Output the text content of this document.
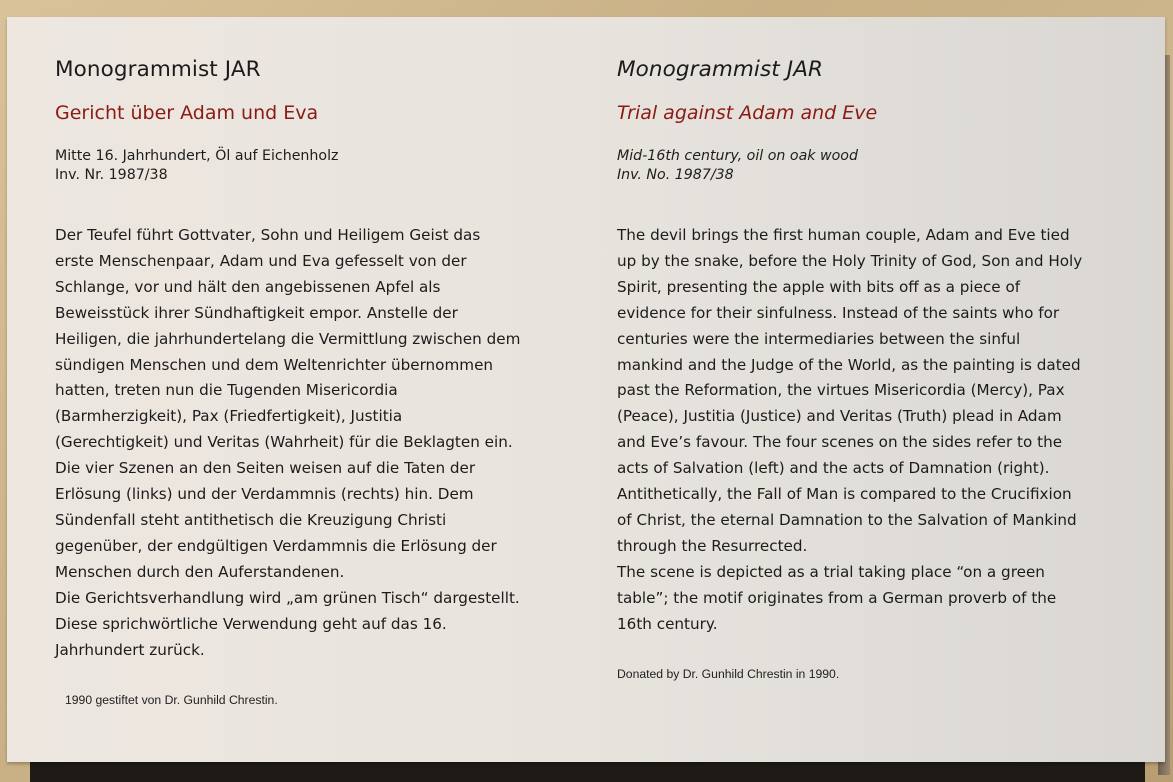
Monogrammist JAR
Gericht über Adam und Eva

Mitte 16. Jahrhundert, Öl auf Eichenholz
Inv. Nr. 1987/38

Der Teufel führt Gottvater, Sohn und Heiligem Geist das
erste Menschenpaar, Adam und Eva gefesselt von der
Schlange, vor und hält den angebissenen Apfel als
Beweisstück ihrer Sündhaftigkeit empor. Anstelle der
Heiligen, die jahrhundertelang die Vermittlung zwischen dem
sündigen Menschen und dem Weltenrichter übernommen
hatten, treten nun die Tugenden Misericordia
(Barmherzigkeit), Pax (Friedfertigkeit), Justitia
(Gerechtigkeit) und Veritas (Wahrheit) für die Beklagten ein.
Die vier Szenen an den Seiten weisen auf die Taten der
Erlösung (links) und der Verdammnis (rechts) hin. Dem
Sündenfall steht antithetisch die Kreuzigung Christi
gegenüber, der endgültigen Verdammnis die Erlösung der
Menschen durch den Auferstandenen.
Die Gerichtsverhandlung wird „am grünen Tisch“ dargestellt.
Diese sprichwörtliche Verwendung geht auf das 16.
Jahrhundert zurück.

1990 gestiftet von Dr. Gunhild Chrestin.

Monogrammist JAR
Trial against Adam and Eve

Mid-16th century, oil on oak wood
Inv. No. 1987/38

The devil brings the first human couple, Adam and Eve tied
up by the snake, before the Holy Trinity of God, Son and Holy
Spirit, presenting the apple with bits off as a piece of
evidence for their sinfulness. Instead of the saints who for
centuries were the intermediaries between the sinful
mankind and the Judge of the World, as the painting is dated
past the Reformation, the virtues Misericordia (Mercy), Pax
(Peace), Justitia (Justice) and Veritas (Truth) plead in Adam
and Eve’s favour. The four scenes on the sides refer to the
acts of Salvation (left) and the acts of Damnation (right).
Antithetically, the Fall of Man is compared to the Crucifixion
of Christ, the eternal Damnation to the Salvation of Mankind
through the Resurrected.
The scene is depicted as a trial taking place “on a green
table”; the motif originates from a German proverb of the
16th century.

Donated by Dr. Gunhild Chrestin in 1990.
